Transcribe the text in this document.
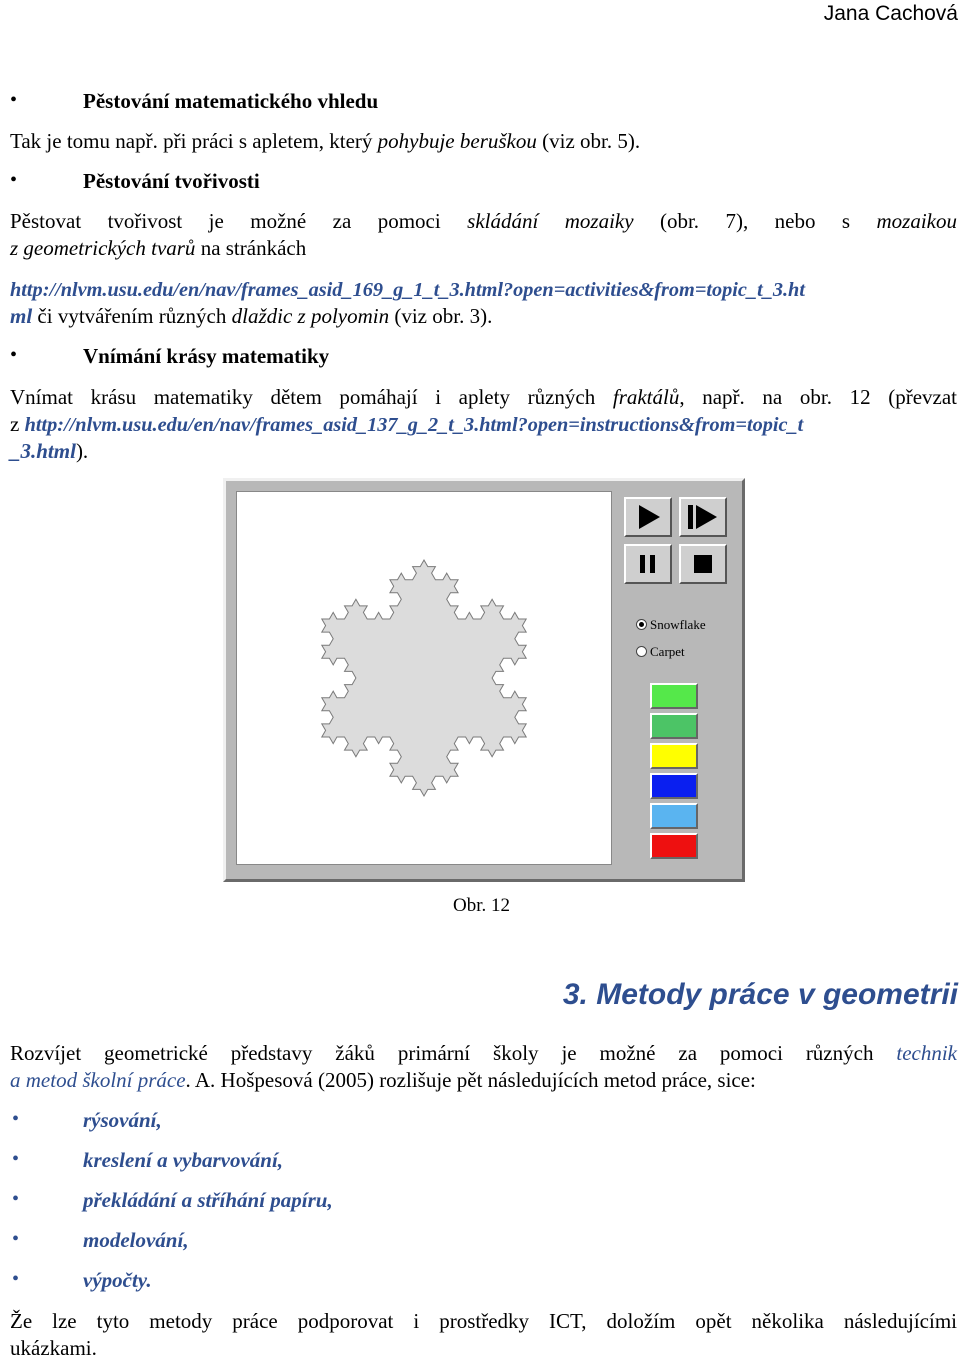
Jana Cachová
•	Pěstování matematického vhledu
Tak je tomu např. při práci s apletem, který pohybuje beruškou (viz obr. 5).
•	Pěstování tvořivosti
Pěstovat tvořivost je možné za pomoci skládání mozaiky (obr. 7), nebo s mozaikou
z geometrických tvarů na stránkách
http://nlvm.usu.edu/en/nav/frames_asid_169_g_1_t_3.html?open=activities&from=topic_t_3.ht
ml či vytvářením různých dlaždic z polyomin (viz obr. 3).
•	Vnímání krásy matematiky
Vnímat krásu matematiky dětem pomáhají i aplety různých fraktálů, např. na obr. 12 (převzat
z http://nlvm.usu.edu/en/nav/frames_asid_137_g_2_t_3.html?open=instructions&from=topic_t
_3.html).
Snowflake
Carpet
Obr. 12
3. Metody práce v geometrii
Rozvíjet geometrické představy žáků primární školy je možné za pomoci různých technik
a metod školní práce. A. Hošpesová (2005) rozlišuje pět následujících metod práce, sice:
•	rýsování,
•	kreslení a vybarvování,
•	překládání a stříhání papíru,
•	modelování,
•	výpočty.
Že lze tyto metody práce podporovat i prostředky ICT, doložím opět několika následujícími
ukázkami.
